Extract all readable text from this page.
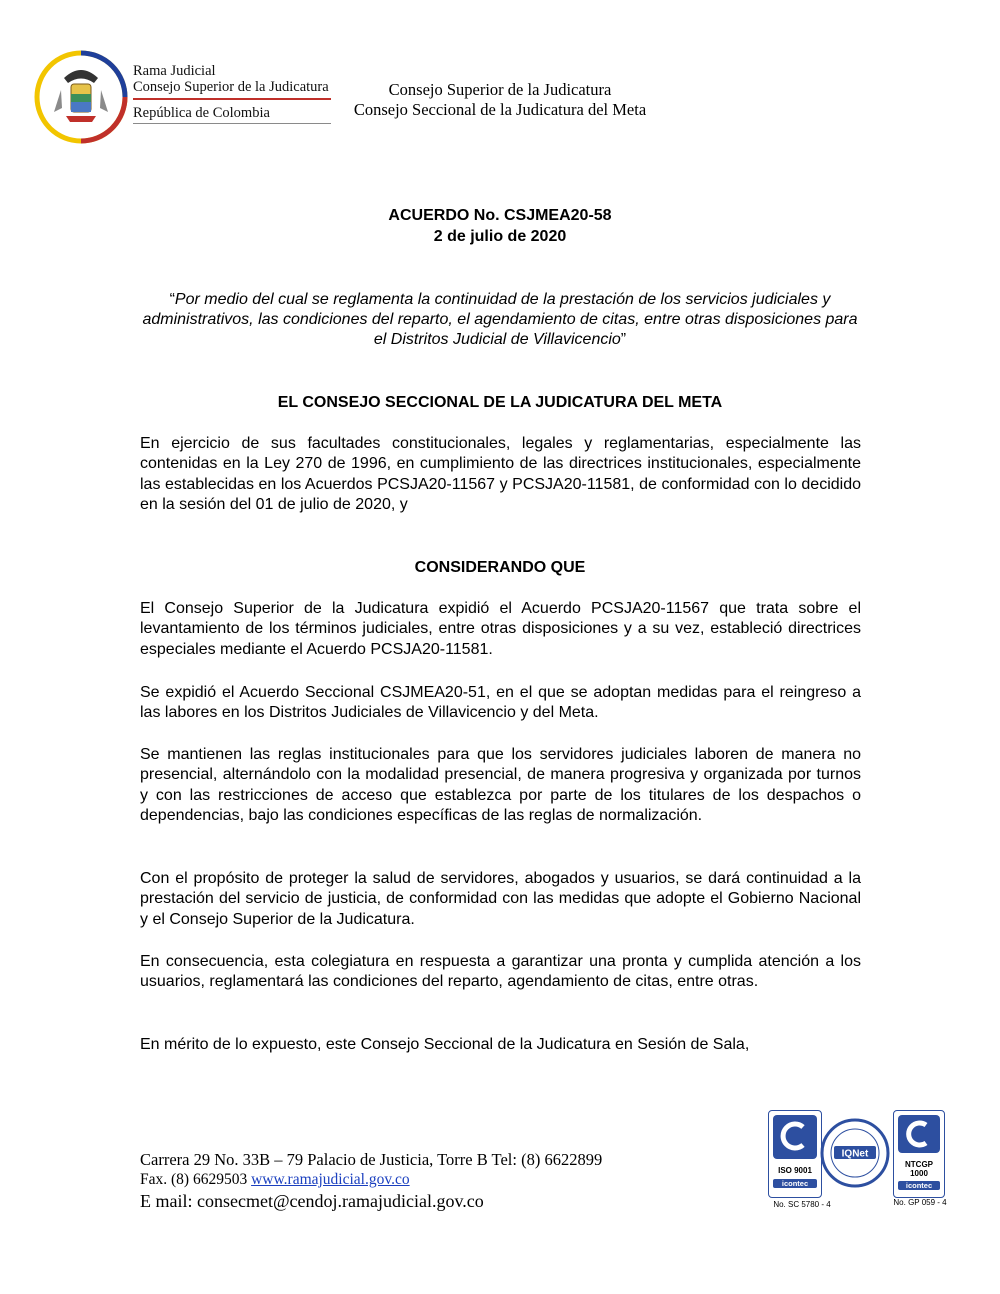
Rama Judicial
Consejo Superior de la Judicatura
República de Colombia
Consejo Superior de la Judicatura
Consejo Seccional de la Judicatura del Meta
ACUERDO No. CSJMEA20-58
2 de julio de 2020
“Por medio del cual se reglamenta la continuidad de la prestación de los servicios judiciales y administrativos, las condiciones del reparto, el agendamiento de citas, entre otras disposiciones para el Distritos Judicial de Villavicencio”
EL CONSEJO SECCIONAL DE LA JUDICATURA DEL META
En ejercicio de sus facultades constitucionales, legales y reglamentarias, especialmente las contenidas en la Ley 270 de 1996, en cumplimiento de las directrices institucionales, especialmente las establecidas en los Acuerdos PCSJA20-11567 y PCSJA20-11581, de conformidad con lo decidido en la sesión del 01 de julio de 2020, y
CONSIDERANDO QUE
El Consejo Superior de la Judicatura expidió el Acuerdo PCSJA20-11567 que trata sobre el levantamiento de los términos judiciales, entre otras disposiciones y a su vez, estableció directrices especiales mediante el Acuerdo PCSJA20-11581.
Se expidió el Acuerdo Seccional CSJMEA20-51, en el que se adoptan medidas para el reingreso a las labores en los Distritos Judiciales de Villavicencio y del Meta.
Se mantienen las reglas institucionales para que los servidores judiciales laboren de manera no presencial, alternándolo con la modalidad presencial, de manera progresiva y organizada por turnos y con las restricciones de acceso que establezca por parte de los titulares de los despachos o dependencias, bajo las condiciones específicas de las reglas de normalización.
Con el propósito de proteger la salud de servidores, abogados y usuarios, se dará continuidad a la prestación del servicio de justicia, de conformidad con las medidas que adopte el Gobierno Nacional y el Consejo Superior de la Judicatura.
En consecuencia, esta colegiatura en respuesta a garantizar una pronta y cumplida atención a los usuarios, reglamentará las condiciones del reparto, agendamiento de citas, entre otras.
En mérito de lo expuesto, este Consejo Seccional de la Judicatura en Sesión de Sala,
Carrera 29 No. 33B – 79 Palacio de Justicia, Torre B Tel: (8) 6622899
Fax. (8) 6629503 www.ramajudicial.gov.co
E mail: consecmet@cendoj.ramajudicial.gov.co
ISO 9001
icontec
IQNet
NTCGP
1000
icontec
No. SC 5780 - 4	No. GP 059 - 4
